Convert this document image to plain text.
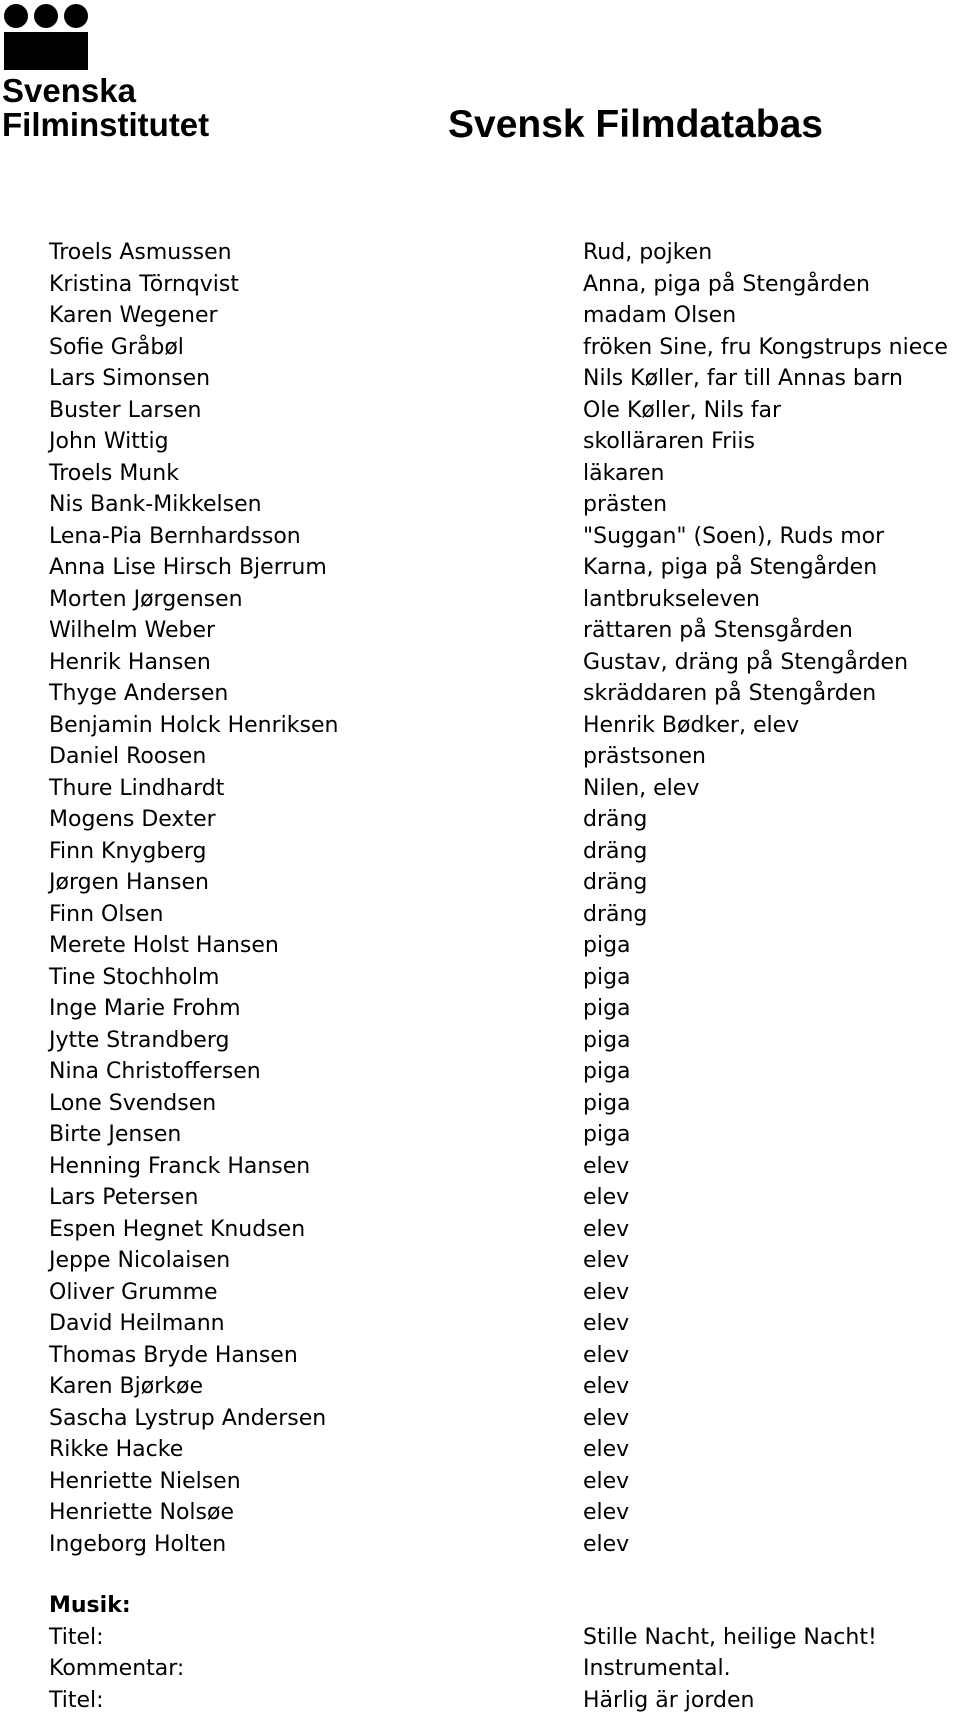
Svenska
Filminstitutet	Svensk Filmdatabas
Troels Asmussen	Rud, pojken
Kristina Törnqvist	Anna, piga på Stengården
Karen Wegener	madam Olsen
Sofie Gråbøl	fröken Sine, fru Kongstrups niece
Lars Simonsen	Nils Køller, far till Annas barn
Buster Larsen	Ole Køller, Nils far
John Wittig	skolläraren Friis
Troels Munk	läkaren
Nis Bank-Mikkelsen	prästen
Lena-Pia Bernhardsson	"Suggan" (Soen), Ruds mor
Anna Lise Hirsch Bjerrum	Karna, piga på Stengården
Morten Jørgensen	lantbrukseleven
Wilhelm Weber	rättaren på Stensgården
Henrik Hansen	Gustav, dräng på Stengården
Thyge Andersen	skräddaren på Stengården
Benjamin Holck Henriksen	Henrik Bødker, elev
Daniel Roosen	prästsonen
Thure Lindhardt	Nilen, elev
Mogens Dexter	dräng
Finn Knygberg	dräng
Jørgen Hansen	dräng
Finn Olsen	dräng
Merete Holst Hansen	piga
Tine Stochholm	piga
Inge Marie Frohm	piga
Jytte Strandberg	piga
Nina Christoffersen	piga
Lone Svendsen	piga
Birte Jensen	piga
Henning Franck Hansen	elev
Lars Petersen	elev
Espen Hegnet Knudsen	elev
Jeppe Nicolaisen	elev
Oliver Grumme	elev
David Heilmann	elev
Thomas Bryde Hansen	elev
Karen Bjørkøe	elev
Sascha Lystrup Andersen	elev
Rikke Hacke	elev
Henriette Nielsen	elev
Henriette Nolsøe	elev
Ingeborg Holten	elev
Musik:
Titel:	Stille Nacht, heilige Nacht!
Kommentar:	Instrumental.
Titel:	Härlig är jorden
